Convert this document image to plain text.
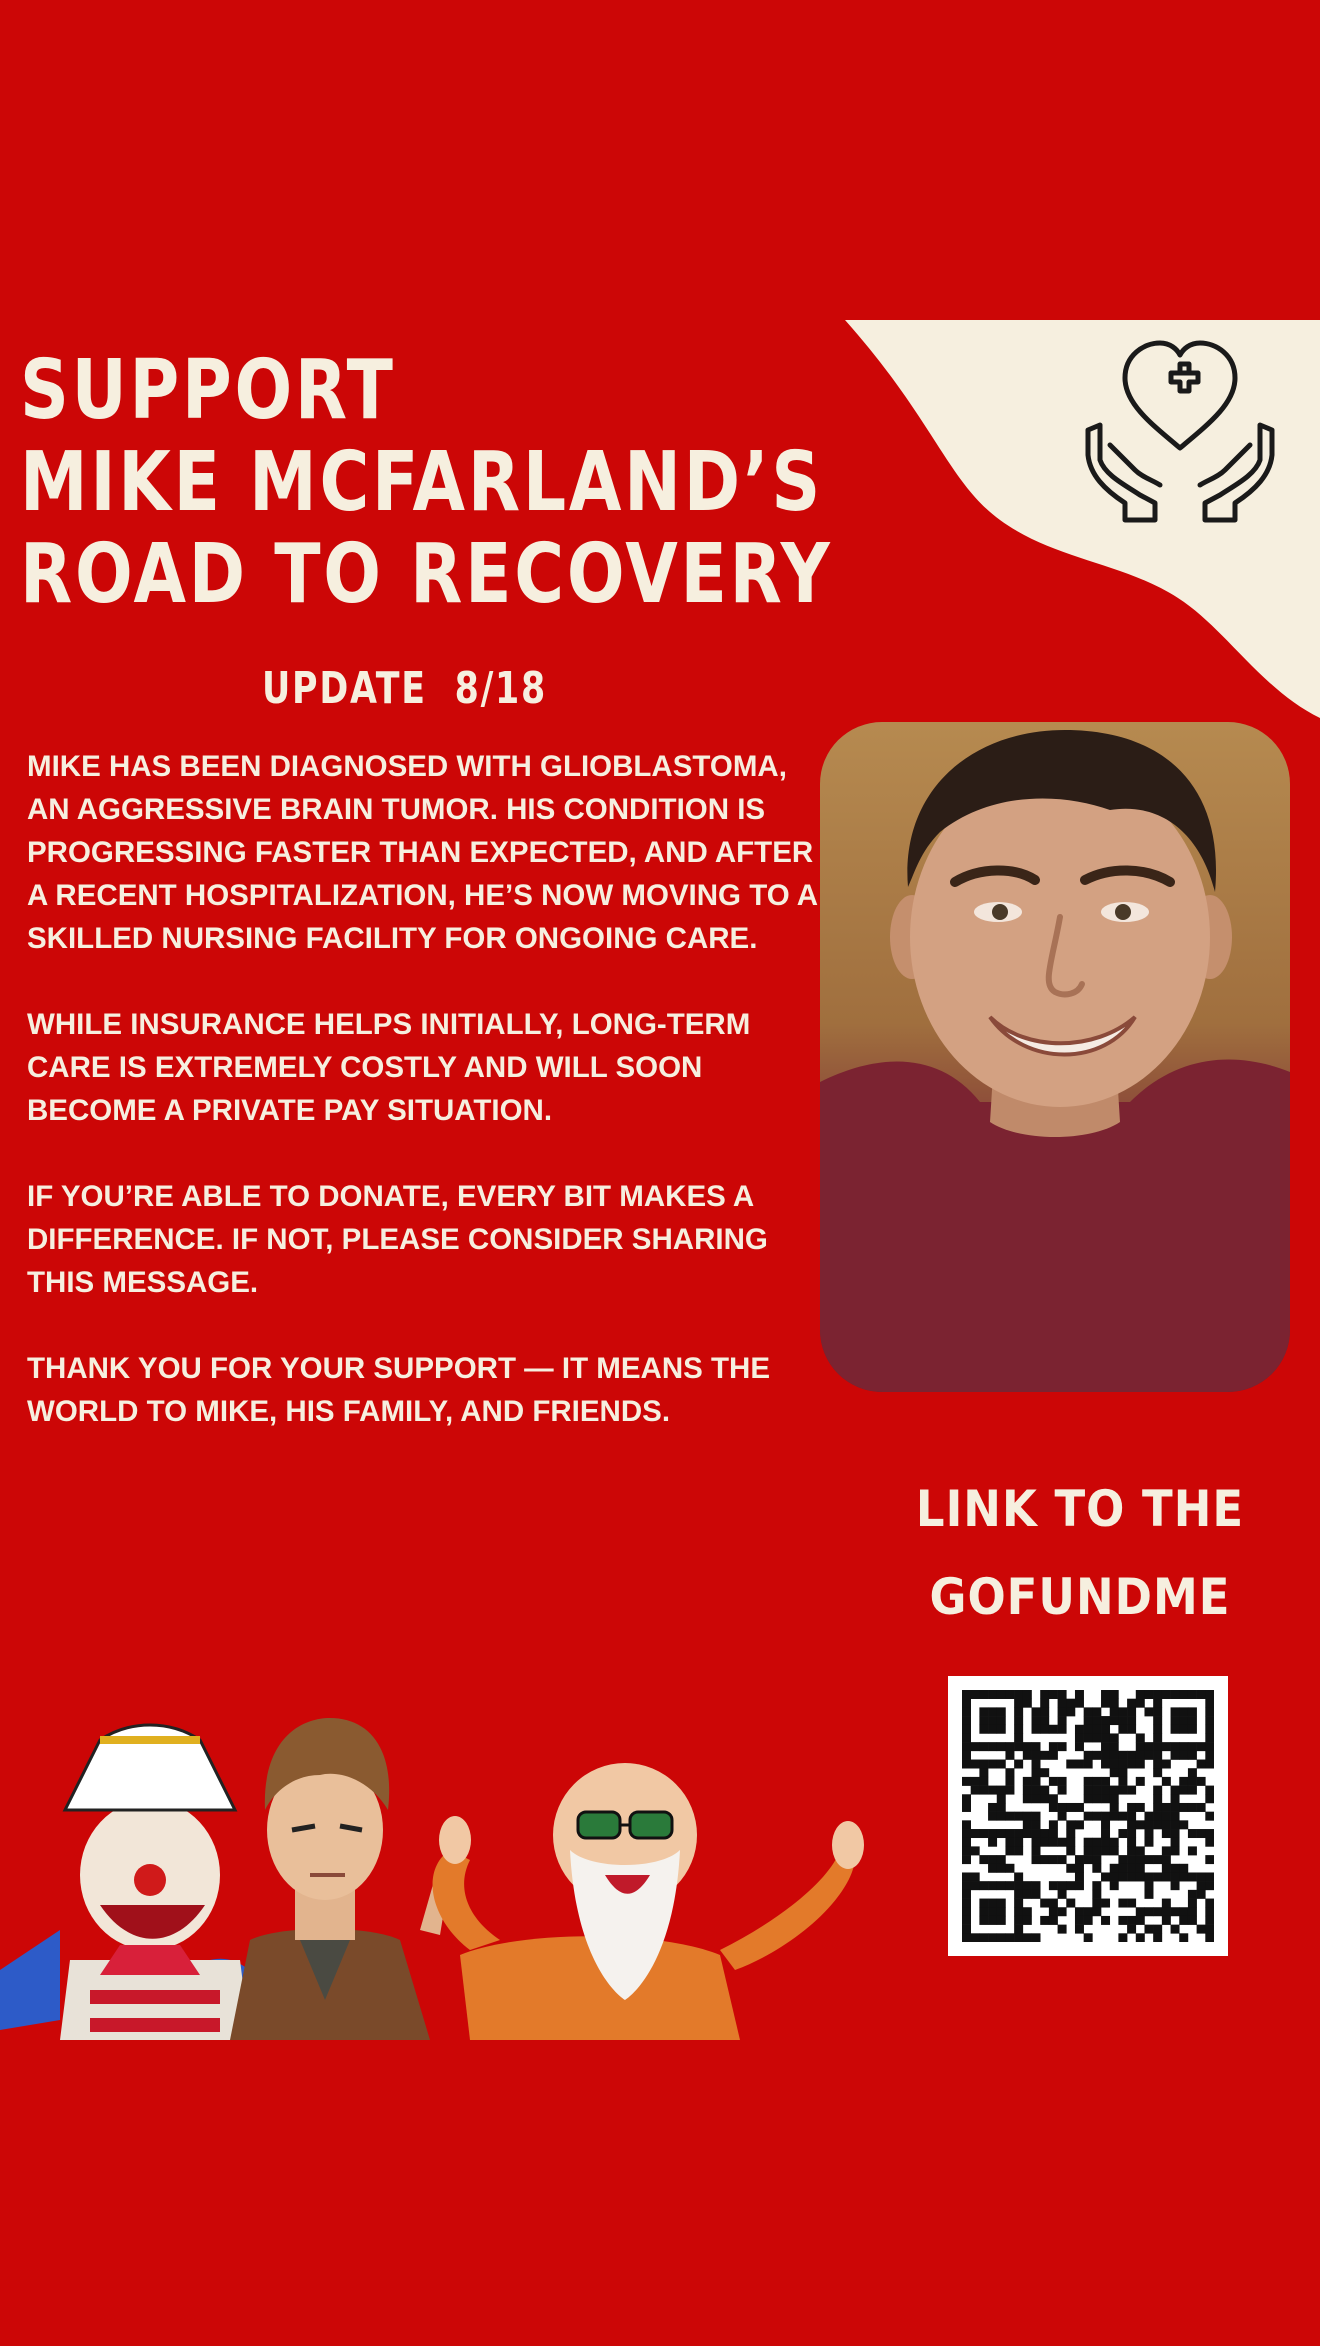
SUPPORT
MIKE MCFARLAND’S
ROAD TO RECOVERY
UPDATE  8/18

MIKE HAS BEEN DIAGNOSED WITH GLIOBLASTOMA, AN AGGRESSIVE BRAIN TUMOR. HIS CONDITION IS PROGRESSING FASTER THAN EXPECTED, AND AFTER A RECENT HOSPITALIZATION, HE’S NOW MOVING TO A SKILLED NURSING FACILITY FOR ONGOING CARE.

WHILE INSURANCE HELPS INITIALLY, LONG-TERM CARE IS EXTREMELY COSTLY AND WILL SOON BECOME A PRIVATE PAY SITUATION.

IF YOU’RE ABLE TO DONATE, EVERY BIT MAKES A DIFFERENCE. IF NOT, PLEASE CONSIDER SHARING THIS MESSAGE.

THANK YOU FOR YOUR SUPPORT — IT MEANS THE WORLD TO MIKE, HIS FAMILY, AND FRIENDS.

LINK TO THE
GOFUNDME
